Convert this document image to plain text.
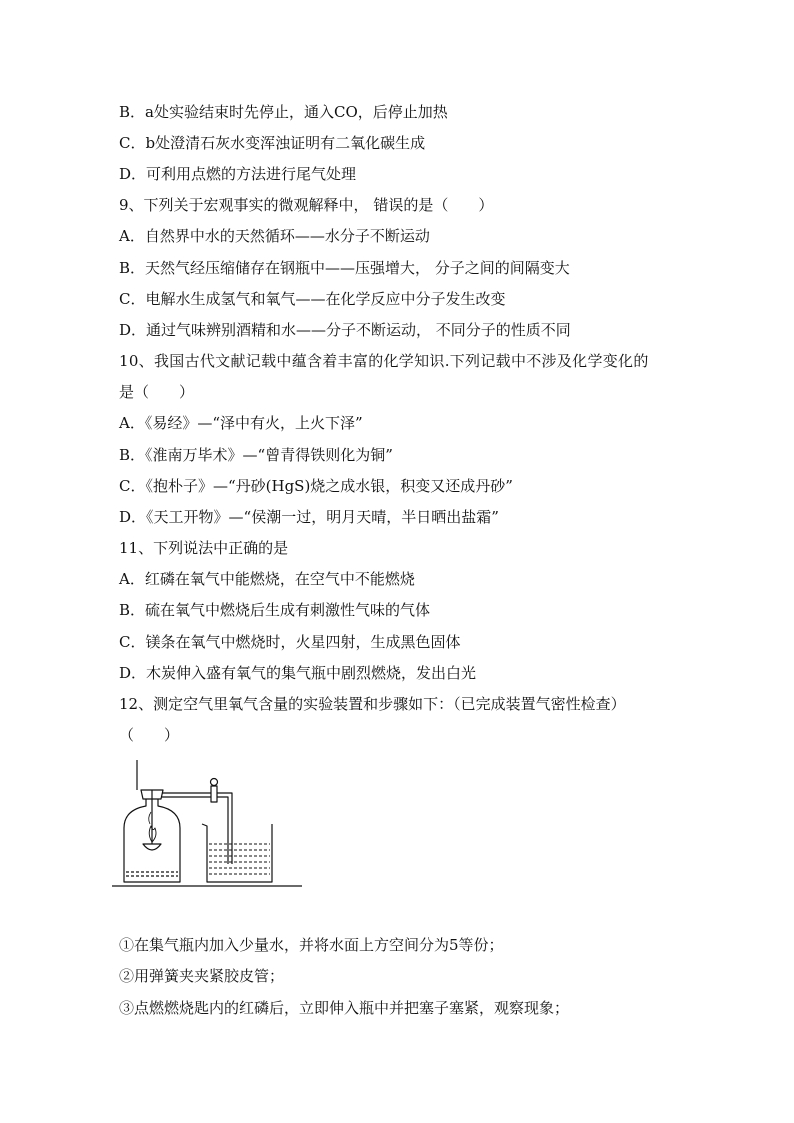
B．a处实验结束时先停止，通入CO，后停止加热
C．b处澄清石灰水变浑浊证明有二氧化碳生成
D．可利用点燃的方法进行尾气处理
9、下列关于宏观事实的微观解释中， 错误的是（　　）
A．自然界中水的天然循环——水分子不断运动
B．天然气经压缩储存在钢瓶中——压强增大， 分子之间的间隔变大
C．电解水生成氢气和氧气——在化学反应中分子发生改变
D．通过气味辨别酒精和水——分子不断运动， 不同分子的性质不同
10、我国古代文献记载中蕴含着丰富的化学知识.下列记载中不涉及化学变化的
是（　　）
A．《易经》—“泽中有火，上火下泽”
B．《淮南万毕术》—“曾青得铁则化为铜”
C．《抱朴子》—“丹砂(HgS)烧之成水银，积变又还成丹砂”
D．《天工开物》—“侯潮一过，明月天晴，半日晒出盐霜”
11、下列说法中正确的是
A．红磷在氧气中能燃烧，在空气中不能燃烧
B．硫在氧气中燃烧后生成有刺激性气味的气体
C．镁条在氧气中燃烧时，火星四射，生成黑色固体
D．木炭伸入盛有氧气的集气瓶中剧烈燃烧，发出白光
12、测定空气里氧气含量的实验装置和步骤如下：（已完成装置气密性检查）
（　　）
①在集气瓶内加入少量水，并将水面上方空间分为5等份；
②用弹簧夹夹紧胶皮管；
③点燃燃烧匙内的红磷后，立即伸入瓶中并把塞子塞紧，观察现象；
